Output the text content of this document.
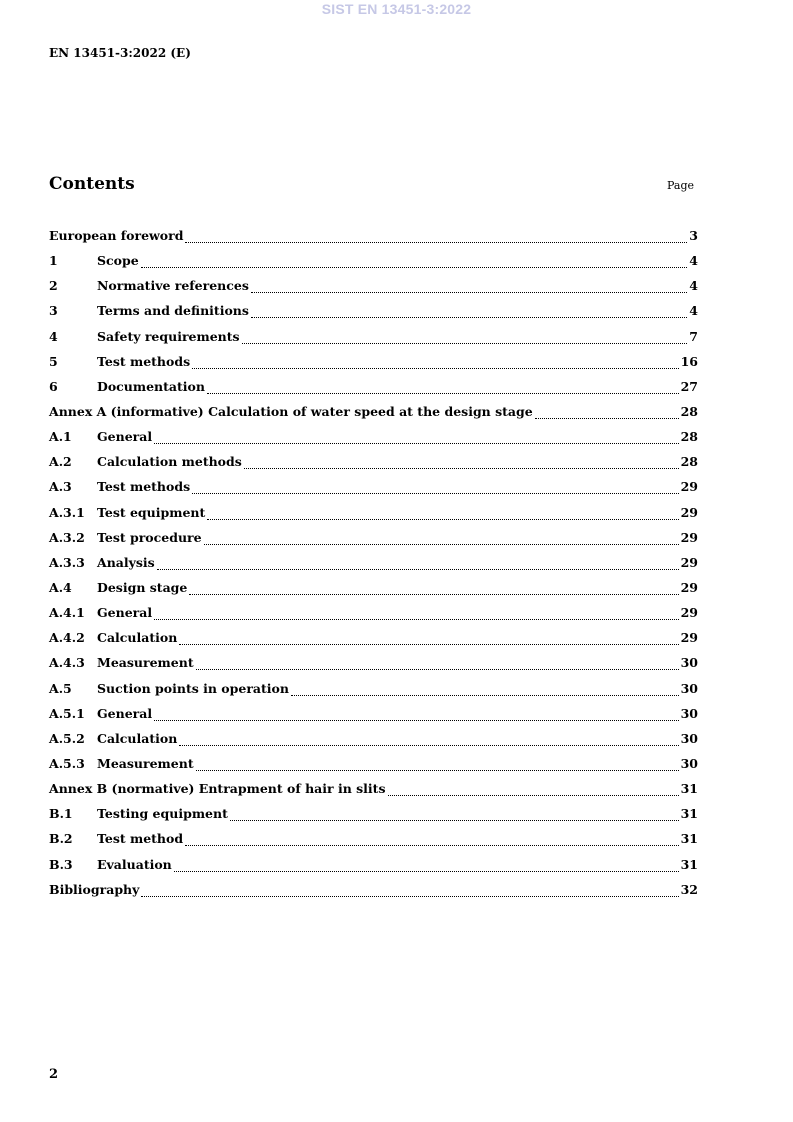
SIST EN 13451-3:2022
EN 13451-3:2022 (E)
Contents	Page
European foreword	3
1	Scope	4
2	Normative references	4
3	Terms and definitions	4
4	Safety requirements	7
5	Test methods	16
6	Documentation	27
Annex A (informative) Calculation of water speed at the design stage	28
A.1	General	28
A.2	Calculation methods	28
A.3	Test methods	29
A.3.1 Test equipment	29
A.3.2 Test procedure	29
A.3.3 Analysis	29
A.4	Design stage	29
A.4.1 General	29
A.4.2 Calculation	29
A.4.3 Measurement	30
A.5	Suction points in operation	30
A.5.1 General	30
A.5.2 Calculation	30
A.5.3 Measurement	30
Annex B (normative) Entrapment of hair in slits	31
B.1	Testing equipment	31
B.2	Test method	31
B.3	Evaluation	31
Bibliography	32
2
